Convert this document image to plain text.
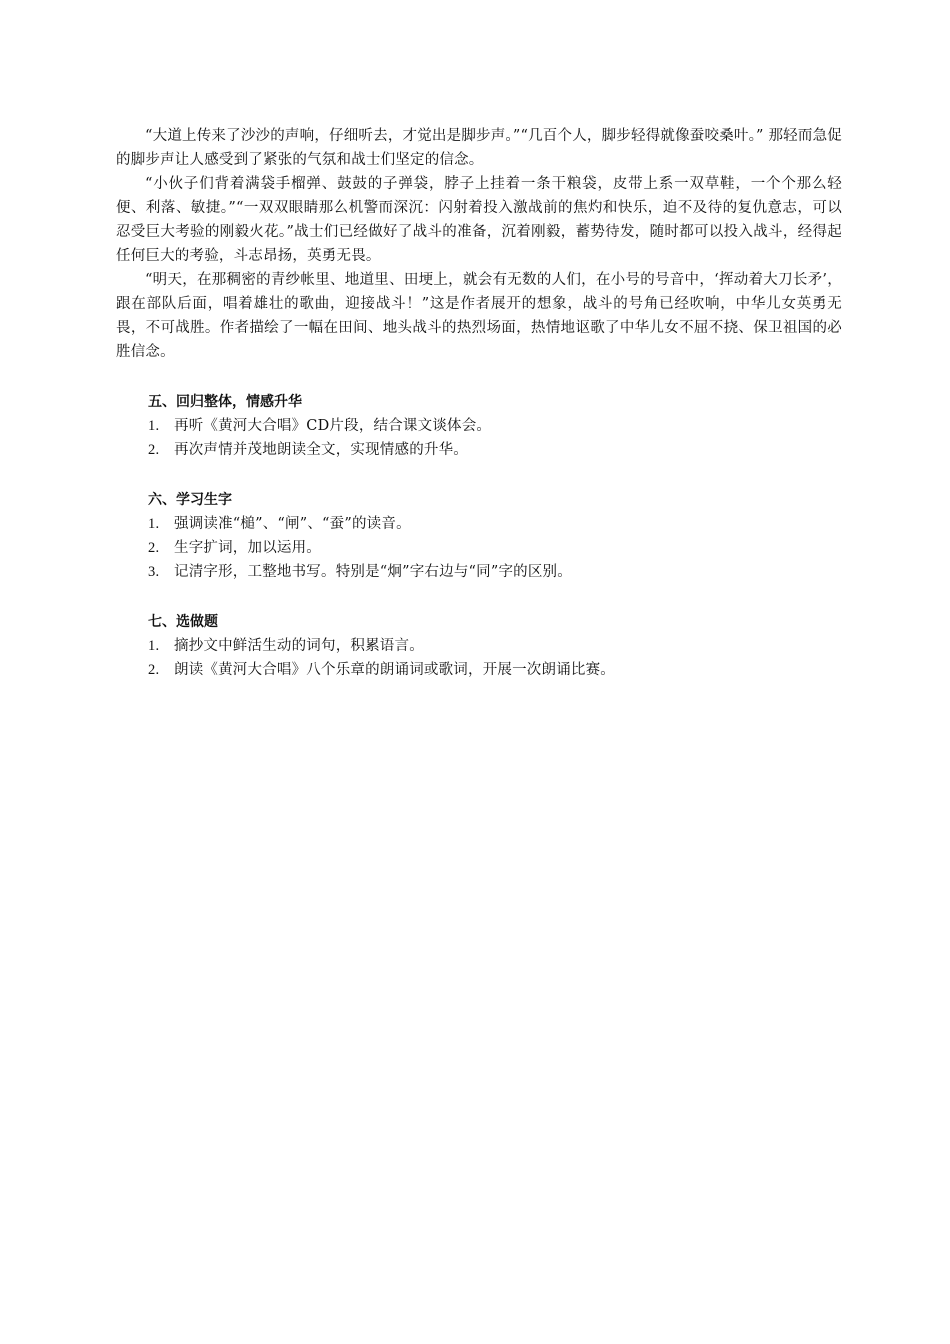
“大道上传来了沙沙的声响，仔细听去，才觉出是脚步声。”“几百个人，脚步轻得就像蚕咬桑叶。” 那轻而急促的脚步声让人感受到了紧张的气氛和战士们坚定的信念。

“小伙子们背着满袋手榴弹、鼓鼓的子弹袋，脖子上挂着一条干粮袋，皮带上系一双草鞋，一个个那么轻便、利落、敏捷。”“一双双眼睛那么机警而深沉：闪射着投入激战前的焦灼和快乐，迫不及待的复仇意志，可以忍受巨大考验的刚毅火花。”战士们已经做好了战斗的准备，沉着刚毅，蓄势待发，随时都可以投入战斗，经得起任何巨大的考验，斗志昂扬，英勇无畏。

“明天，在那稠密的青纱帐里、地道里、田埂上，就会有无数的人们，在小号的号音中，‘挥动着大刀长矛’，跟在部队后面，唱着雄壮的歌曲，迎接战斗！”这是作者展开的想象，战斗的号角已经吹响，中华儿女英勇无畏，不可战胜。作者描绘了一幅在田间、地头战斗的热烈场面，热情地讴歌了中华儿女不屈不挠、保卫祖国的必胜信念。

五、回归整体，情感升华
1.	再听《黄河大合唱》CD片段，结合课文谈体会。
2.	再次声情并茂地朗读全文，实现情感的升华。
六、学习生字
1.	强调读准“槌”、“闸”、“蚕”的读音。
2.	生字扩词，加以运用。
3.	记清字形，工整地书写。特别是“炯”字右边与“同”字的区别。
七、选做题
1.	摘抄文中鲜活生动的词句，积累语言。
2.	朗读《黄河大合唱》八个乐章的朗诵词或歌词，开展一次朗诵比赛。
